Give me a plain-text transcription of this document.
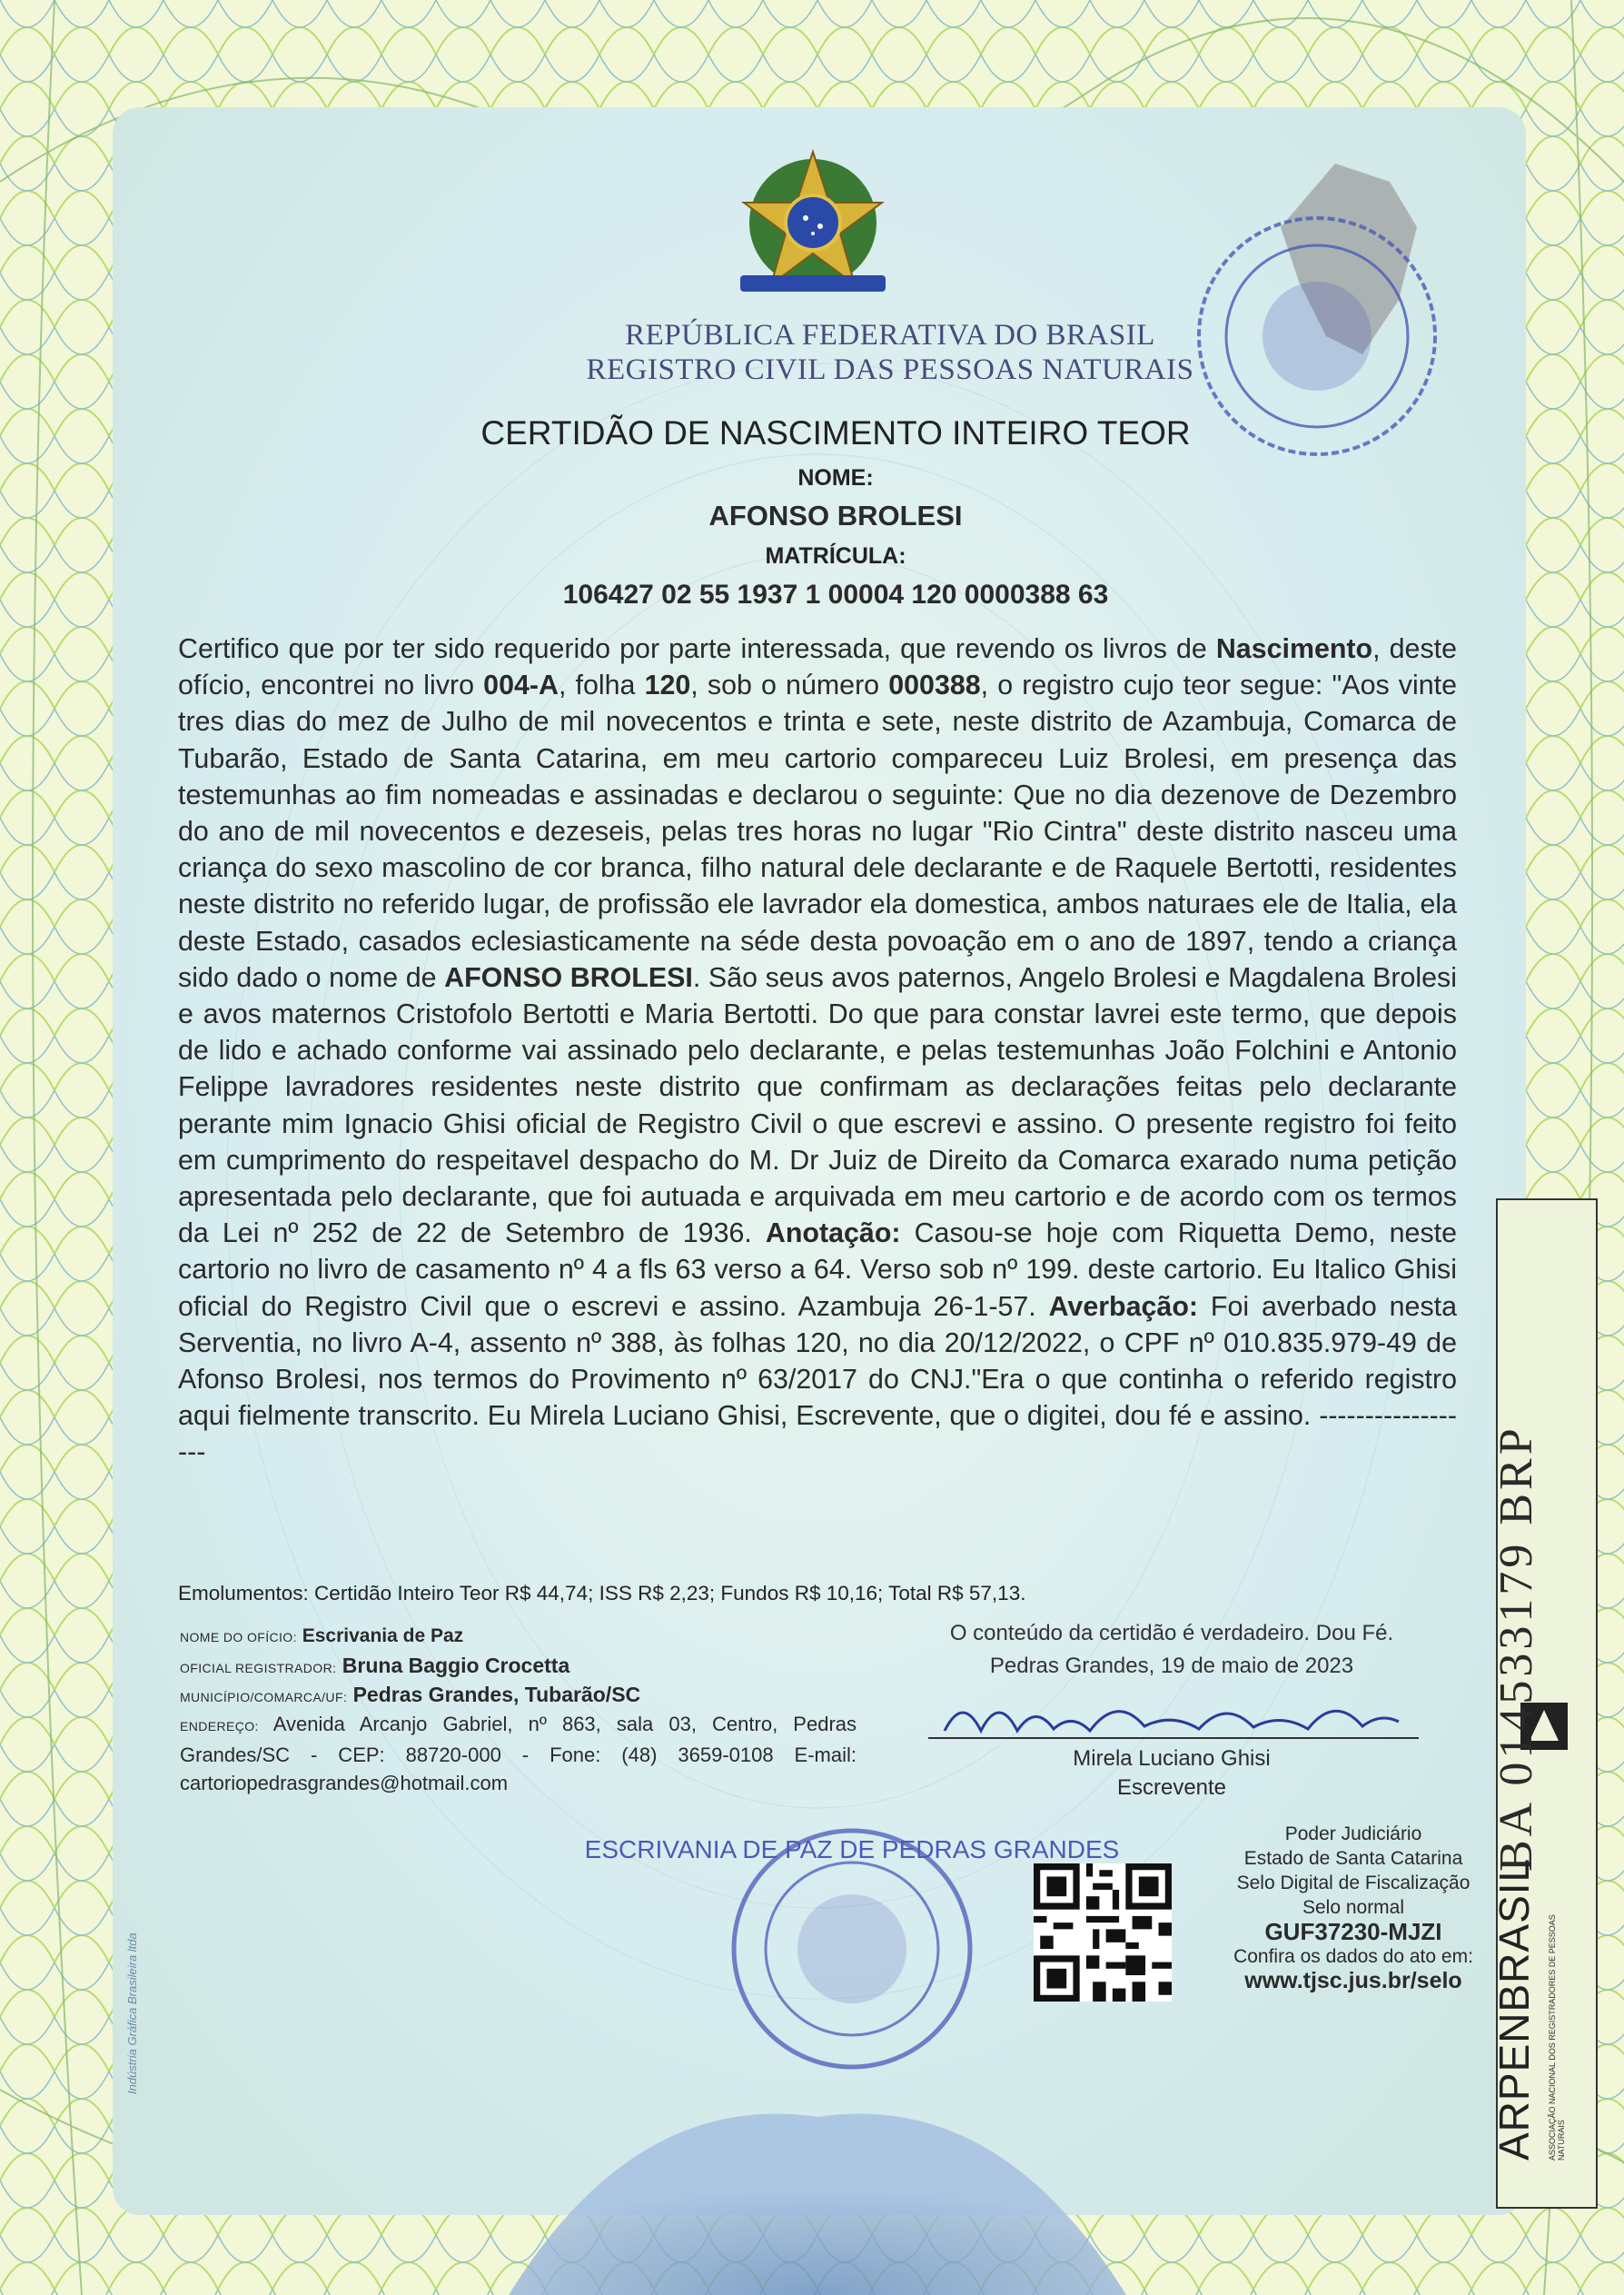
ESCRIVANIA DE PAZ DE PEDRAS GRANDES
REPÚBLICA FEDERATIVA DO BRASIL
REGISTRO CIVIL DAS PESSOAS NATURAIS
CERTIDÃO DE NASCIMENTO INTEIRO TEOR
NOME:
AFONSO BROLESI
MATRÍCULA:
106427 02 55 1937 1 00004 120 0000388 63
Certifico que por ter sido requerido por parte interessada, que revendo os livros de Nascimento, deste ofício, encontrei no livro 004-A, folha 120, sob o número 000388, o registro cujo teor segue: "Aos vinte tres dias do mez de Julho de mil novecentos e trinta e sete, neste distrito de Azambuja, Comarca de Tubarão, Estado de Santa Catarina, em meu cartorio compareceu Luiz Brolesi, em presença das testemunhas ao fim nomeadas e assinadas e declarou o seguinte: Que no dia dezenove de Dezembro do ano de mil novecentos e dezeseis, pelas tres horas no lugar "Rio Cintra" deste distrito nasceu uma criança do sexo mascolino de cor branca, filho natural dele declarante e de Raquele Bertotti, residentes neste distrito no referido lugar, de profissão ele lavrador ela domestica, ambos naturaes ele de Italia, ela deste Estado, casados eclesiasticamente na séde desta povoação em o ano de 1897, tendo a criança sido dado o nome de AFONSO BROLESI. São seus avos paternos, Angelo Brolesi e Magdalena Brolesi e avos maternos Cristofolo Bertotti e Maria Bertotti. Do que para constar lavrei este termo, que depois de lido e achado conforme vai assinado pelo declarante, e pelas testemunhas João Folchini e Antonio Felippe lavradores residentes neste distrito que confirmam as declarações feitas pelo declarante perante mim Ignacio Ghisi oficial de Registro Civil o que escrevi e assino. O presente registro foi feito em cumprimento do respeitavel despacho do M. Dr Juiz de Direito da Comarca exarado numa petição apresentada pelo declarante, que foi autuada e arquivada em meu cartorio e de acordo com os termos da Lei nº 252 de 22 de Setembro de 1936. Anotação: Casou-se hoje com Riquetta Demo, neste cartorio no livro de casamento nº 4 a fls 63 verso a 64. Verso sob nº 199. deste cartorio. Eu Italico Ghisi oficial do Registro Civil que o escrevi e assino. Azambuja 26-1-57. Averbação: Foi averbado nesta Serventia, no livro A-4, assento nº 388, às folhas 120, no dia 20/12/2022, o CPF nº 010.835.979-49 de Afonso Brolesi, nos termos do Provimento nº 63/2017 do CNJ."Era o que continha o referido registro aqui fielmente transcrito. Eu Mirela Luciano Ghisi, Escrevente, que o digitei, dou fé e assino. ------------------
Emolumentos: Certidão Inteiro Teor R$ 44,74; ISS R$ 2,23; Fundos R$ 10,16; Total R$ 57,13.
NOME DO OFÍCIO: Escrivania de Paz
OFICIAL REGISTRADOR: Bruna Baggio Crocetta
MUNICÍPIO/COMARCA/UF: Pedras Grandes, Tubarão/SC
ENDEREÇO: Avenida Arcanjo Gabriel, nº 863, sala 03, Centro, Pedras Grandes/SC - CEP: 88720-000 - Fone: (48) 3659-0108 E-mail: cartoriopedrasgrandes@hotmail.com
O conteúdo da certidão é verdadeiro. Dou Fé.
Pedras Grandes, 19 de maio de 2023
Mirela Luciano Ghisi
Escrevente
Poder Judiciário
Estado de Santa Catarina
Selo Digital de Fiscalização
Selo normal
GUF37230-MJZI
Confira os dados do ato em:
www.tjsc.jus.br/selo
BA 014533179 BRP
ARPENBRASIL	ASSOCIAÇÃO NACIONAL DOS REGISTRADORES DE PESSOAS NATURAIS
Indústria Gráfica Brasileira ltda
